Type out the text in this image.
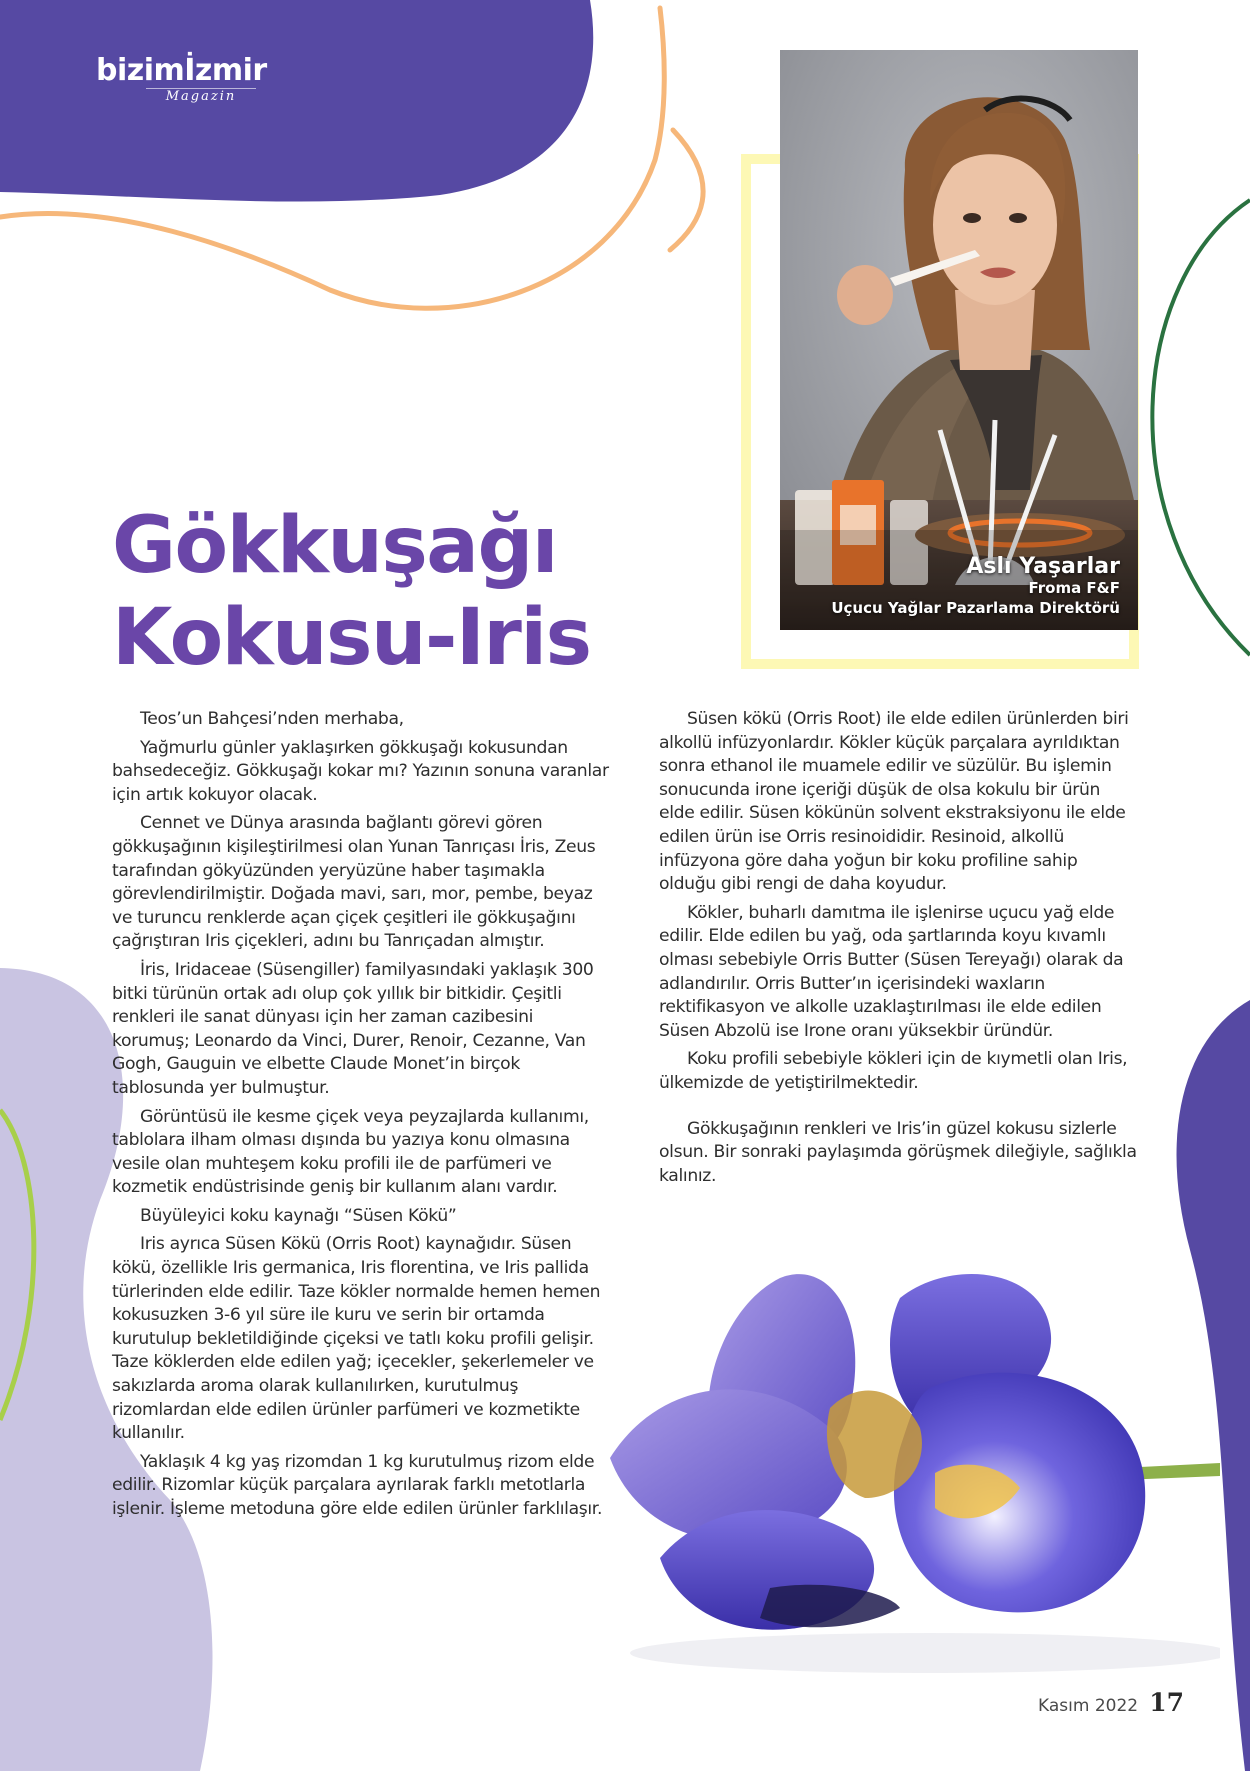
bizimİzmir
Magazin
Aslı Yaşarlar
Froma F&F
Uçucu Yağlar Pazarlama Direktörü
Gökkuşağı
Kokusu-Iris

Teos’un Bahçesi’nden merhaba,

Yağmurlu günler yaklaşırken gökkuşağı kokusundan bahsedeceğiz. Gökkuşağı kokar mı? Yazının sonuna varanlar için artık kokuyor olacak.

Cennet ve Dünya arasında bağlantı görevi gören gökkuşağının kişileştirilmesi olan Yunan Tanrıçası İris, Zeus tarafından gökyüzünden yeryüzüne haber taşımakla görevlendirilmiştir. Doğada mavi, sarı, mor, pembe, beyaz ve turuncu renklerde açan çiçek çeşitleri ile gökkuşağını çağrıştıran Iris çiçekleri, adını bu Tanrıçadan almıştır.

İris, Iridaceae (Süsengiller) familyasındaki yaklaşık 300 bitki türünün ortak adı olup çok yıllık bir bitkidir. Çeşitli renkleri ile sanat dünyası için her zaman cazibesini korumuş; Leonardo da Vinci, Durer, Renoir, Cezanne, Van Gogh, Gauguin ve elbette Claude Monet’in birçok tablosunda yer bulmuştur.

Görüntüsü ile kesme çiçek veya peyzajlarda kullanımı, tablolara ilham olması dışında bu yazıya konu olmasına vesile olan muhteşem koku profili ile de parfümeri ve kozmetik endüstrisinde geniş bir kullanım alanı vardır.

Büyüleyici koku kaynağı “Süsen Kökü”

Iris ayrıca Süsen Kökü (Orris Root) kaynağıdır. Süsen kökü, özellikle Iris germanica, Iris florentina, ve Iris pallida türlerinden elde edilir. Taze kökler normalde hemen hemen kokusuzken 3-6 yıl süre ile kuru ve serin bir ortamda kurutulup bekletildiğinde çiçeksi ve tatlı koku profili gelişir. Taze köklerden elde edilen yağ; içecekler, şekerlemeler ve sakızlarda aroma olarak kullanılırken, kurutulmuş rizomlardan elde edilen ürünler parfümeri ve kozmetikte kullanılır.

Yaklaşık 4 kg yaş rizomdan 1 kg kurutulmuş rizom elde edilir. Rizomlar küçük parçalara ayrılarak farklı metotlarla işlenir. İşleme metoduna göre elde edilen ürünler farklılaşır.

Süsen kökü (Orris Root) ile elde edilen ürünlerden biri alkollü infüzyonlardır. Kökler küçük parçalara ayrıldıktan sonra ethanol ile muamele edilir ve süzülür. Bu işlemin sonucunda irone içeriği düşük de olsa kokulu bir ürün elde edilir. Süsen kökünün solvent ekstraksiyonu ile elde edilen ürün ise Orris resinoididir. Resinoid, alkollü infüzyona göre daha yoğun bir koku profiline sahip olduğu gibi rengi de daha koyudur.

Kökler, buharlı damıtma ile işlenirse uçucu yağ elde edilir. Elde edilen bu yağ, oda şartlarında koyu kıvamlı olması sebebiyle Orris Butter (Süsen Tereyağı) olarak da adlandırılır. Orris Butter’ın içerisindeki waxların rektifikasyon ve alkolle uzaklaştırılması ile elde edilen Süsen Abzolü ise Irone oranı yüksekbir üründür.

Koku profili sebebiyle kökleri için de kıymetli olan Iris, ülkemizde de yetiştirilmektedir.

Gökkuşağının renkleri ve Iris’in güzel kokusu sizlerle olsun. Bir sonraki paylaşımda görüşmek dileğiyle, sağlıkla kalınız.

Kasım 2022 17
